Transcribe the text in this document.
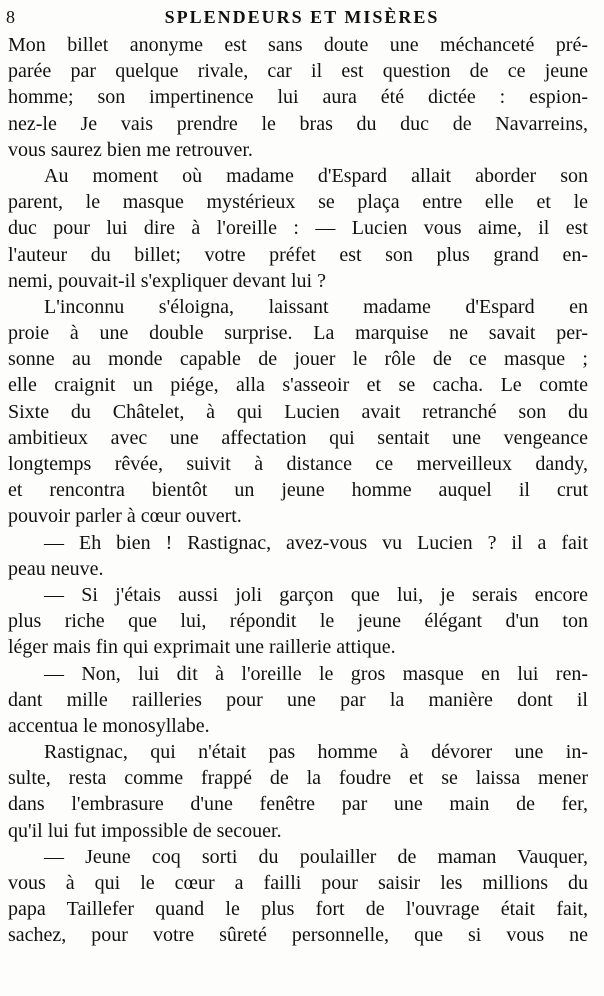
8	SPLENDEURS ET MISÈRES
Mon billet anonyme est sans doute une méchanceté pré-
parée par quelque rivale, car il est question de ce jeune
homme; son impertinence lui aura été dictée : espion-
nez-le Je vais prendre le bras du duc de Navarreins,
vous saurez bien me retrouver.
Au moment où madame d'Espard allait aborder son
parent, le masque mystérieux se plaça entre elle et le
duc pour lui dire à l'oreille : — Lucien vous aime, il est
l'auteur du billet; votre préfet est son plus grand en-
nemi, pouvait-il s'expliquer devant lui ?
L'inconnu s'éloigna, laissant madame d'Espard en
proie à une double surprise. La marquise ne savait per-
sonne au monde capable de jouer le rôle de ce masque ;
elle craignit un piége, alla s'asseoir et se cacha. Le comte
Sixte du Châtelet, à qui Lucien avait retranché son du
ambitieux avec une affectation qui sentait une vengeance
longtemps rêvée, suivit à distance ce merveilleux dandy,
et rencontra bientôt un jeune homme auquel il crut
pouvoir parler à cœur ouvert.
— Eh bien ! Rastignac, avez-vous vu Lucien ? il a fait
peau neuve.
— Si j'étais aussi joli garçon que lui, je serais encore
plus riche que lui, répondit le jeune élégant d'un ton
léger mais fin qui exprimait une raillerie attique.
— Non, lui dit à l'oreille le gros masque en lui ren-
dant mille railleries pour une par la manière dont il
accentua le monosyllabe.
Rastignac, qui n'était pas homme à dévorer une in-
sulte, resta comme frappé de la foudre et se laissa mener
dans l'embrasure d'une fenêtre par une main de fer,
qu'il lui fut impossible de secouer.
— Jeune coq sorti du poulailler de maman Vauquer,
vous à qui le cœur a failli pour saisir les millions du
papa Taillefer quand le plus fort de l'ouvrage était fait,
sachez, pour votre sûreté personnelle, que si vous ne
